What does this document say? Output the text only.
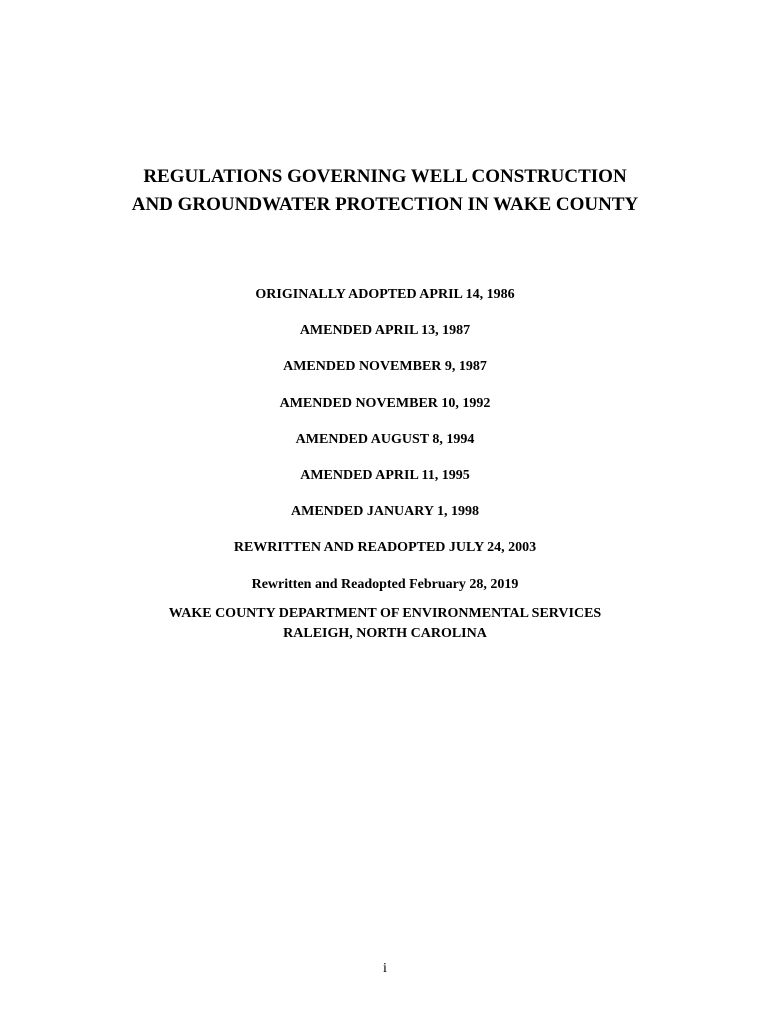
REGULATIONS GOVERNING WELL CONSTRUCTION
AND GROUNDWATER PROTECTION IN WAKE COUNTY
ORIGINALLY ADOPTED APRIL 14, 1986
AMENDED APRIL 13, 1987
AMENDED NOVEMBER 9, 1987
AMENDED NOVEMBER 10, 1992
AMENDED AUGUST 8, 1994
AMENDED APRIL 11, 1995
AMENDED JANUARY 1, 1998
REWRITTEN AND READOPTED JULY 24, 2003
Rewritten and Readopted February 28, 2019
WAKE COUNTY DEPARTMENT OF ENVIRONMENTAL SERVICES
RALEIGH, NORTH CAROLINA
i
